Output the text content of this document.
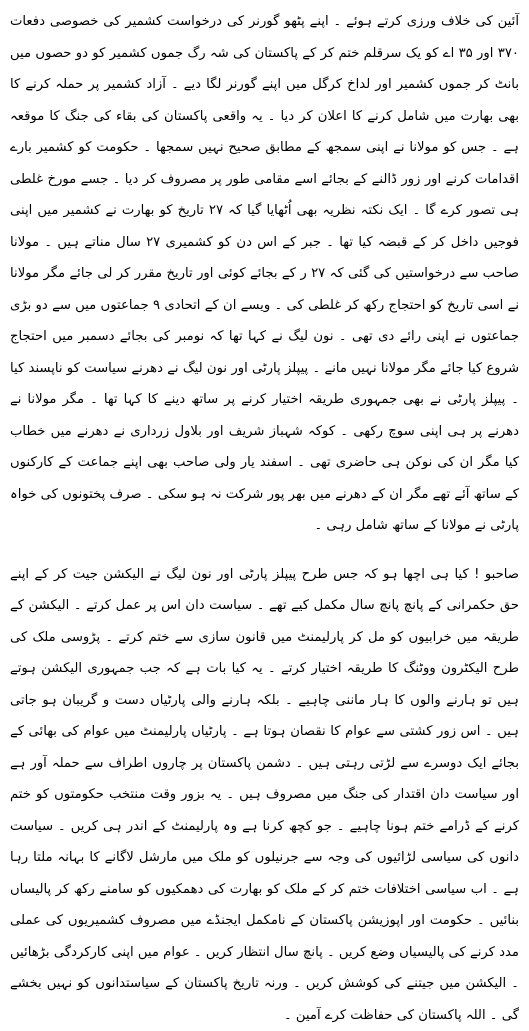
آئین کی خلاف ورزی کرتے ہوئے ۔ اپنے پٹھو گورنر کی درخواست کشمیر کی خصوصی دفعات ۳۷۰ اور ۳۵ اے کو یک سرقلم ختم کر کے پاکستان کی شہ رگ جموں کشمیر کو دو حصوں میں بانٹ کر جموں کشمیر اور لداخ کرگل میں اپنے گورنر لگا دیے ۔ آزاد کشمیر پر حملہ کرنے کا بھی بھارت میں شامل کرنے کا اعلان کر دیا ۔ یہ واقعی پاکستان کی بقاء کی جنگ کا موقعہ ہے ۔ جس کو مولانا نے اپنی سمجھ کے مطابق صحیح نہیں سمجھا ۔ حکومت کو کشمیر بارے اقدامات کرنے اور زور ڈالنے کے بجائے اسے مقامی طور پر مصروف کر دیا ۔ جسے مورخ غلطی ہی تصور کرے گا ۔ ایک نکتہ نظریہ بھی اُٹھایا گیا کہ ۲۷ تاریخ کو بھارت نے کشمیر میں اپنی فوجیں داخل کر کے قبضہ کیا تھا ۔ جبر کے اس دن کو کشمیری ۲۷ سال مناتے ہیں ۔ مولانا صاحب سے درخواستیں کی گئی کہ ۲۷ ر کے بجائے کوئی اور تاریخ مقرر کر لی جائے مگر مولانا نے اسی تاریخ کو احتجاج رکھ کر غلطی کی ۔ ویسے ان کے اتحادی ۹ جماعتوں میں سے دو بڑی جماعتوں نے اپنی رائے دی تھی ۔ نون لیگ نے کہا تھا کہ نومبر کی بجائے دسمبر میں احتجاج شروع کیا جائے مگر مولانا نہیں مانے ۔ پیپلز پارٹی اور نون لیگ نے دھرنے سیاست کو ناپسند کیا ۔ پیپلز پارٹی نے بھی جمہوری طریقہ اختیار کرنے پر ساتھ دینے کا کہا تھا ۔ مگر مولانا نے دھرنے پر ہی اپنی سوچ رکھی ۔ کوکہ شہباز شریف اور بلاول زرداری نے دھرنے میں خطاب کیا مگر ان کی نوکن ہی حاضری تھی ۔ اسفند یار ولی صاحب بھی اپنے جماعت کے کارکنوں کے ساتھ آئے تھے مگر ان کے دھرنے میں بھر پور شرکت نہ ہو سکی ۔ صرف پختونوں کی خواہ پارٹی نے مولانا کے ساتھ شامل رہی ۔

صاحبو ! کیا ہی اچھا ہو کہ جس طرح پیپلز پارٹی اور نون لیگ نے الیکشن جیت کر کے اپنے حق حکمرانی کے پانچ پانچ سال مکمل کیے تھے ۔ سیاست دان اس پر عمل کرتے ۔ الیکشن کے طریقہ میں خرابیوں کو مل کر پارلیمنٹ میں قانون سازی سے ختم کرتے ۔ پڑوسی ملک کی طرح الیکٹرون ووٹنگ کا طریقہ اختیار کرتے ۔ یہ کیا بات ہے کہ جب جمہوری الیکشن ہوتے ہیں تو ہارنے والوں کا ہار ماننی چاہیے ۔ بلکہ ہارنے والی پارٹیاں دست و گریبان ہو جاتی ہیں ۔ اس زور کشتی سے عوام کا نقصان ہوتا ہے ۔ پارٹیاں پارلیمنٹ میں عوام کی بھائی کے بجائے ایک دوسرے سے لڑتی رہتی ہیں ۔ دشمن پاکستان پر چاروں اطراف سے حملہ آور ہے اور سیاست دان اقتدار کی جنگ میں مصروف ہیں ۔ یہ بزور وقت منتخب حکومتوں کو ختم کرنے کے ڈرامے ختم ہونا چاہیے ۔ جو کچھ کرنا ہے وہ پارلیمنٹ کے اندر ہی کریں ۔ سیاست دانوں کی سیاسی لڑائیوں کی وجہ سے جرنیلوں کو ملک میں مارشل لاگانے کا بہانہ ملتا رہا ہے ۔ اب سیاسی اختلافات ختم کر کے ملک کو بھارت کی دھمکیوں کو سامنے رکھ کر پالیساں بنائیں ۔ حکومت اور اپوزیشن پاکستان کے نامکمل ایجنڈے میں مصروف کشمیریوں کی عملی مدد کرنے کی پالیسیاں وضع کریں ۔ پانچ سال انتظار کریں ۔ عوام میں اپنی کارکردگی بڑھائیں ۔ الیکشن میں جیتنے کی کوشش کریں ۔ ورنہ تاریخ پاکستان کے سیاستدانوں کو نہیں بخشے گی ۔ اللہ پاکستان کی حفاظت کرے آمین ۔
